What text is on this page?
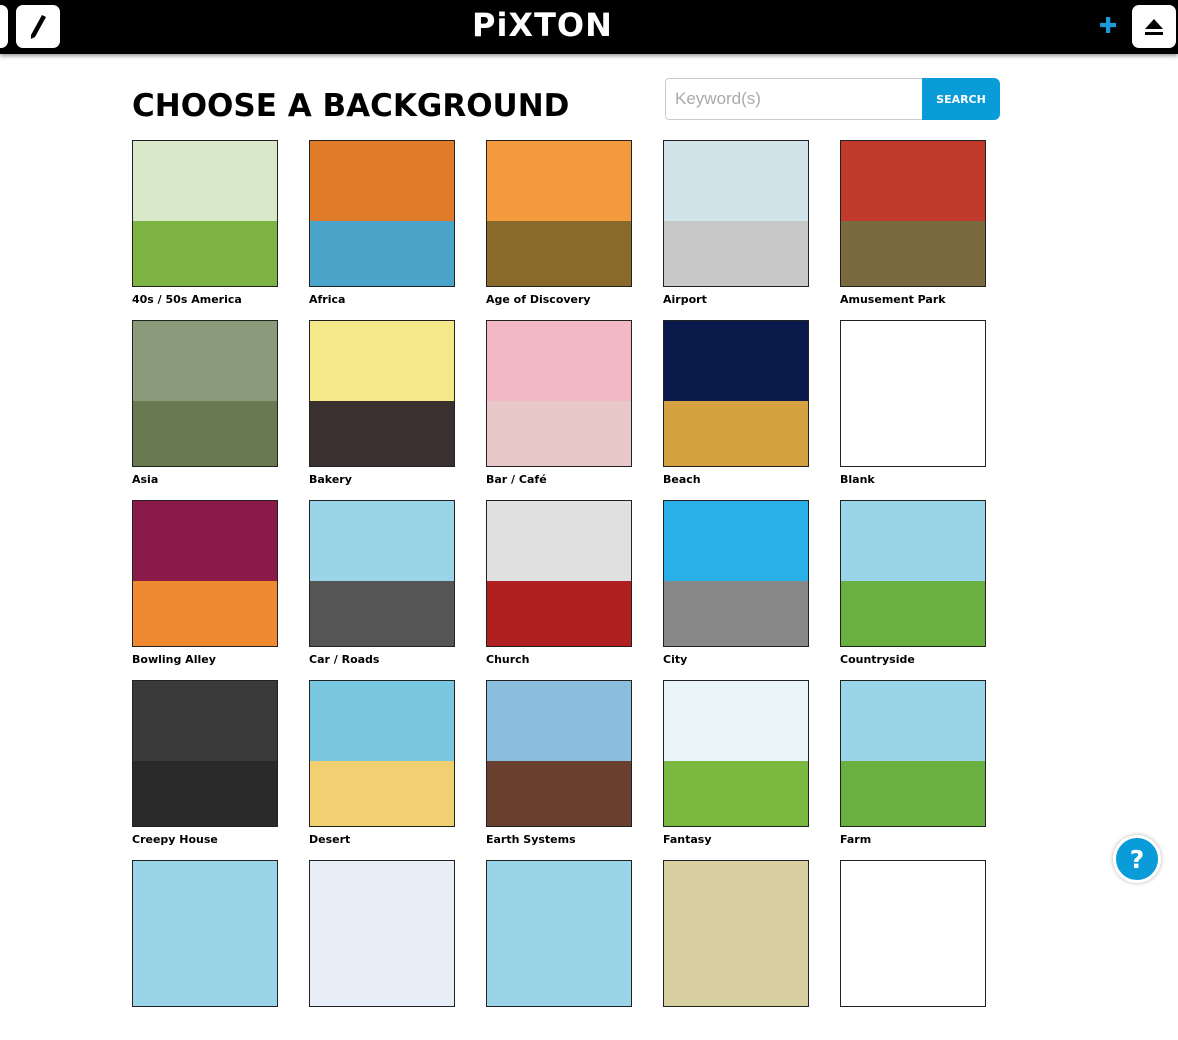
PiXTON	✚
CHOOSE A BACKGROUND
Keyword(s)	SEARCH
40s / 50s America	Africa	Age of Discovery	Airport	Amusement Park
Asia	Bakery	Bar / Café	Beach	Blank
Bowling Alley	Car / Roads	Church	City	Countryside
Creepy House	Desert	Earth Systems	Fantasy	Farm
?
